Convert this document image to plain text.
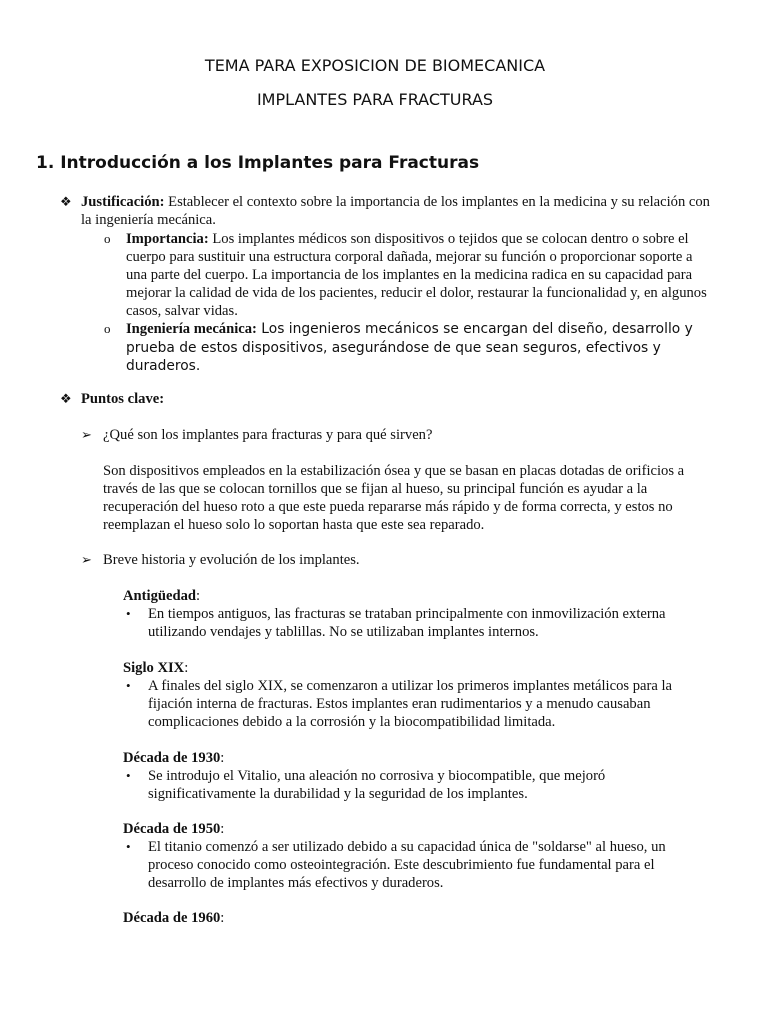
TEMA PARA EXPOSICION DE BIOMECANICA
IMPLANTES PARA FRACTURAS
1. Introducción a los Implantes para Fracturas
❖ Justificación: Establecer el contexto sobre la importancia de los implantes en la medicina y su relación con la ingeniería mecánica.
o Importancia: Los implantes médicos son dispositivos o tejidos que se colocan dentro o sobre el cuerpo para sustituir una estructura corporal dañada, mejorar su función o proporcionar soporte a una parte del cuerpo. La importancia de los implantes en la medicina radica en su capacidad para mejorar la calidad de vida de los pacientes, reducir el dolor, restaurar la funcionalidad y, en algunos casos, salvar vidas.
o Ingeniería mecánica: Los ingenieros mecánicos se encargan del diseño, desarrollo y prueba de estos dispositivos, asegurándose de que sean seguros, efectivos y duraderos.
❖ Puntos clave:
➢ ¿Qué son los implantes para fracturas y para qué sirven?
Son dispositivos empleados en la estabilización ósea y que se basan en placas dotadas de orificios a través de las que se colocan tornillos que se fijan al hueso, su principal función es ayudar a la recuperación del hueso roto a que este pueda repararse más rápido y de forma correcta, y estos no reemplazan el hueso solo lo soportan hasta que este sea reparado.
➢ Breve historia y evolución de los implantes.
Antigüedad:
• En tiempos antiguos, las fracturas se trataban principalmente con inmovilización externa utilizando vendajes y tablillas. No se utilizaban implantes internos.
Siglo XIX:
• A finales del siglo XIX, se comenzaron a utilizar los primeros implantes metálicos para la fijación interna de fracturas. Estos implantes eran rudimentarios y a menudo causaban complicaciones debido a la corrosión y la biocompatibilidad limitada.
Década de 1930:
• Se introdujo el Vitalio, una aleación no corrosiva y biocompatible, que mejoró significativamente la durabilidad y la seguridad de los implantes.
Década de 1950:
• El titanio comenzó a ser utilizado debido a su capacidad única de "soldarse" al hueso, un proceso conocido como osteointegración. Este descubrimiento fue fundamental para el desarrollo de implantes más efectivos y duraderos.
Década de 1960:
